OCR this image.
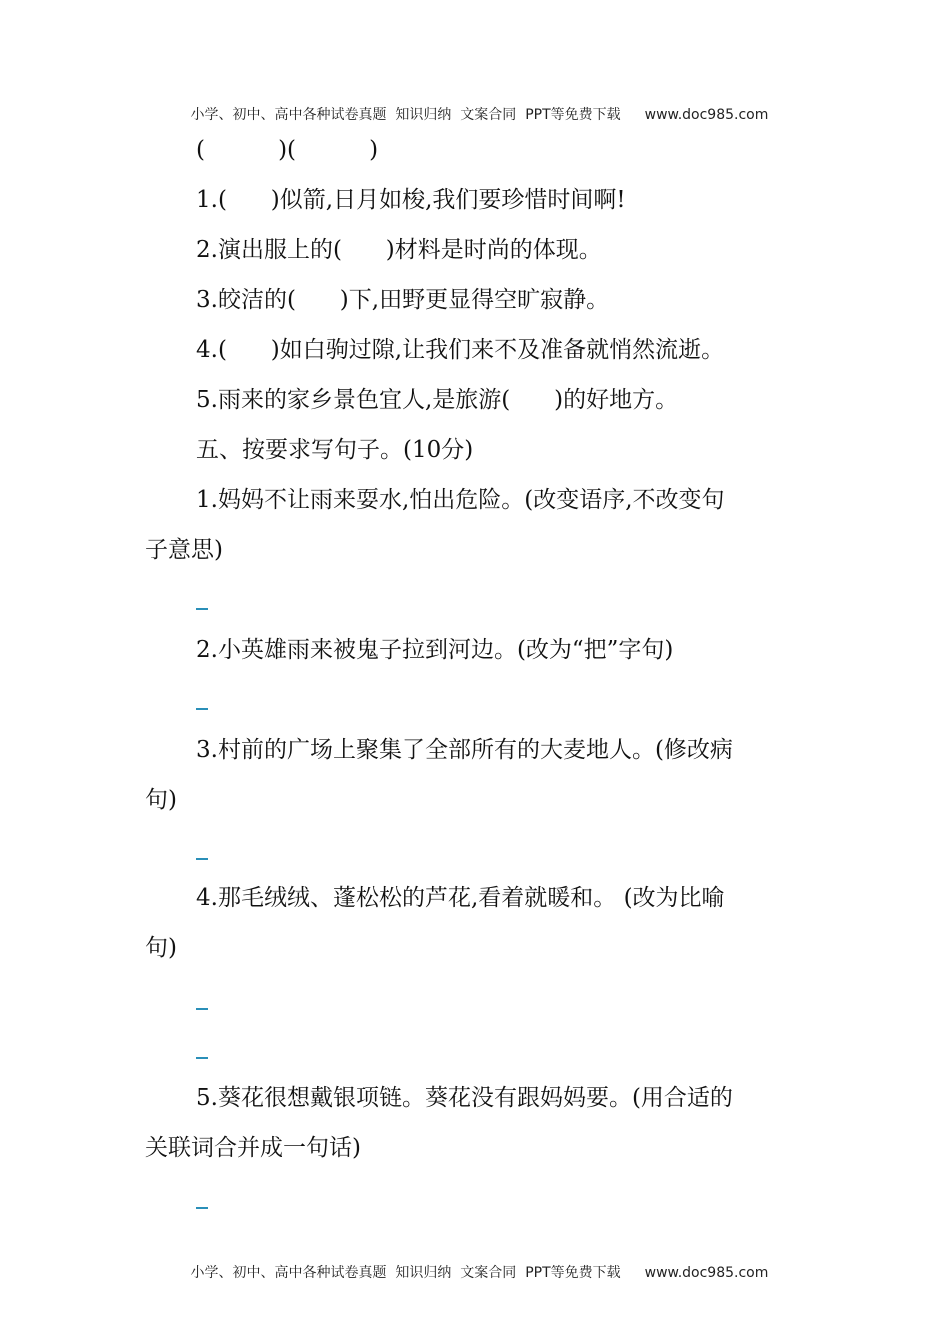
小学、初中、高中各种试卷真题  知识归纳  文案合同  PPT等免费下载 www.doc985.com

(          )(          )
1.(      )似箭,日月如梭,我们要珍惜时间啊!
2.演出服上的(      )材料是时尚的体现。
3.皎洁的(      )下,田野更显得空旷寂静。
4.(      )如白驹过隙,让我们来不及准备就悄然流逝。
5.雨来的家乡景色宜人,是旅游(      )的好地方。
五、按要求写句子。(10分)
1.妈妈不让雨来耍水,怕出危险。(改变语序,不改变句
子意思)
2.小英雄雨来被鬼子拉到河边。(改为“把”字句)
3.村前的广场上聚集了全部所有的大麦地人。(修改病
句)
4.那毛绒绒、蓬松松的芦花,看着就暖和。 (改为比喻
句)
5.葵花很想戴银项链。葵花没有跟妈妈要。(用合适的
关联词合并成一句话)

小学、初中、高中各种试卷真题  知识归纳  文案合同  PPT等免费下载 www.doc985.com
